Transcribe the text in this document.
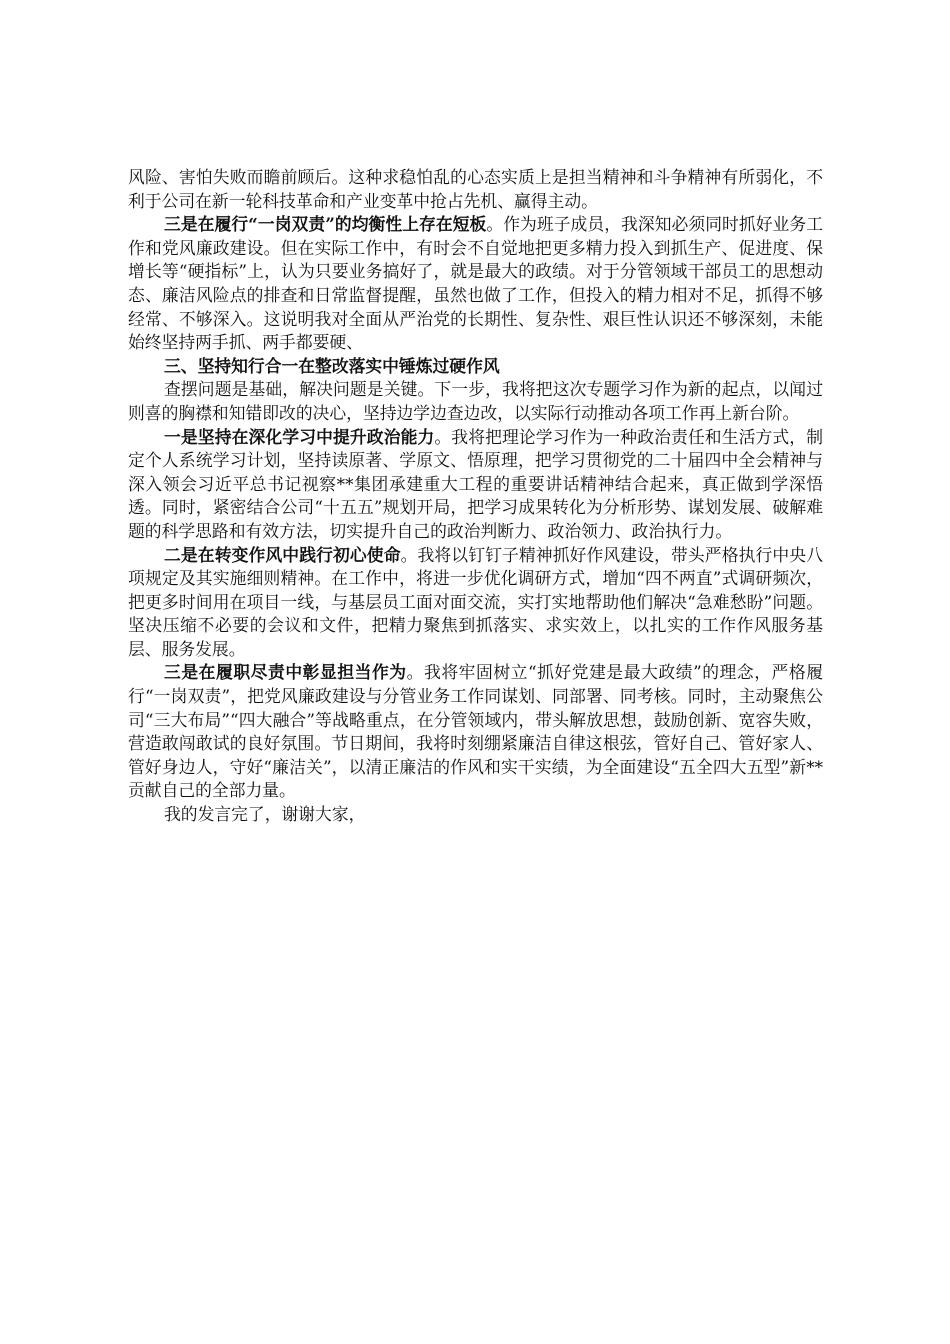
风险、害怕失败而瞻前顾后。这种求稳怕乱的心态实质上是担当精神和斗争精神有所弱化，不利于公司在新一轮科技革命和产业变革中抢占先机、赢得主动。

三是在履行“一岗双责”的均衡性上存在短板。作为班子成员，我深知必须同时抓好业务工作和党风廉政建设。但在实际工作中，有时会不自觉地把更多精力投入到抓生产、促进度、保增长等“硬指标”上，认为只要业务搞好了，就是最大的政绩。对于分管领域干部员工的思想动态、廉洁风险点的排查和日常监督提醒，虽然也做了工作，但投入的精力相对不足，抓得不够经常、不够深入。这说明我对全面从严治党的长期性、复杂性、艰巨性认识还不够深刻，未能始终坚持两手抓、两手都要硬、

三、坚持知行合一在整改落实中锤炼过硬作风

查摆问题是基础，解决问题是关键。下一步，我将把这次专题学习作为新的起点，以闻过则喜的胸襟和知错即改的决心，坚持边学边查边改，以实际行动推动各项工作再上新台阶。

一是坚持在深化学习中提升政治能力。我将把理论学习作为一种政治责任和生活方式，制定个人系统学习计划，坚持读原著、学原文、悟原理，把学习贯彻党的二十届四中全会精神与深入领会习近平总书记视察**集团承建重大工程的重要讲话精神结合起来，真正做到学深悟透。同时，紧密结合公司“十五五”规划开局，把学习成果转化为分析形势、谋划发展、破解难题的科学思路和有效方法，切实提升自己的政治判断力、政治领力、政治执行力。

二是在转变作风中践行初心使命。我将以钉钉子精神抓好作风建设，带头严格执行中央八项规定及其实施细则精神。在工作中，将进一步优化调研方式，增加“四不两直”式调研频次，把更多时间用在项目一线，与基层员工面对面交流，实打实地帮助他们解决“急难愁盼”问题。坚决压缩不必要的会议和文件，把精力聚焦到抓落实、求实效上，以扎实的工作作风服务基层、服务发展。

三是在履职尽责中彰显担当作为。我将牢固树立“抓好党建是最大政绩”的理念，严格履行“一岗双责”，把党风廉政建设与分管业务工作同谋划、同部署、同考核。同时，主动聚焦公司“三大布局”“四大融合”等战略重点，在分管领域内，带头解放思想，鼓励创新、宽容失败，营造敢闯敢试的良好氛围。节日期间，我将时刻绷紧廉洁自律这根弦，管好自己、管好家人、管好身边人，守好“廉洁关”，以清正廉洁的作风和实干实绩，为全面建设“五全四大五型”新**贡献自己的全部力量。

我的发言完了，谢谢大家，
